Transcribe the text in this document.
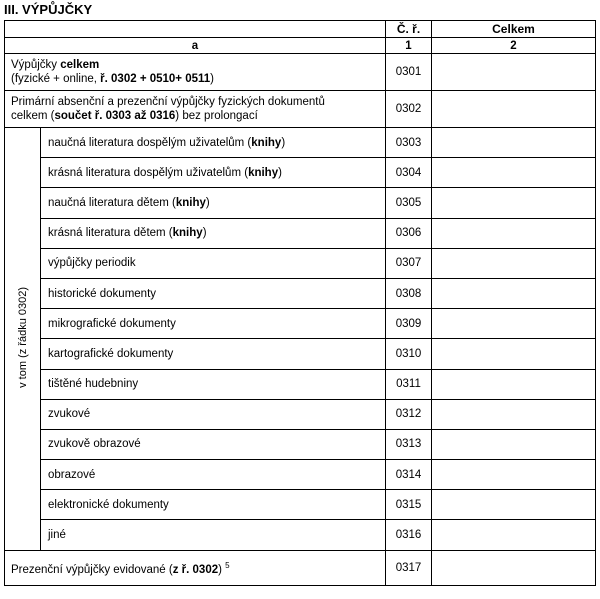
III. VÝPŮJČKY
		Č. ř.	Celkem
a		1	2
Výpůjčky celkem
(fyzické + online, ř. 0302 + 0510+ 0511)		0301	
Primární absenční a prezenční výpůjčky fyzických dokumentů
celkem (součet ř. 0303 až 0316) bez prolongací		0302	
v tom (z řádku 0302)	naučná literatura dospělým uživatelům (knihy)	0303	
	krásná literatura dospělým uživatelům (knihy)	0304	
	naučná literatura dětem (knihy)	0305	
	krásná literatura dětem (knihy)	0306	
	výpůjčky periodik	0307	
	historické dokumenty	0308	
	mikrografické dokumenty	0309	
	kartografické dokumenty	0310	
	tištěné hudebniny	0311	
	zvukové	0312	
	zvukově obrazové	0313	
	obrazové	0314	
	elektronické dokumenty	0315	
	jiné	0316	
Prezenční výpůjčky evidované (z ř. 0302) $^5$		0317	
